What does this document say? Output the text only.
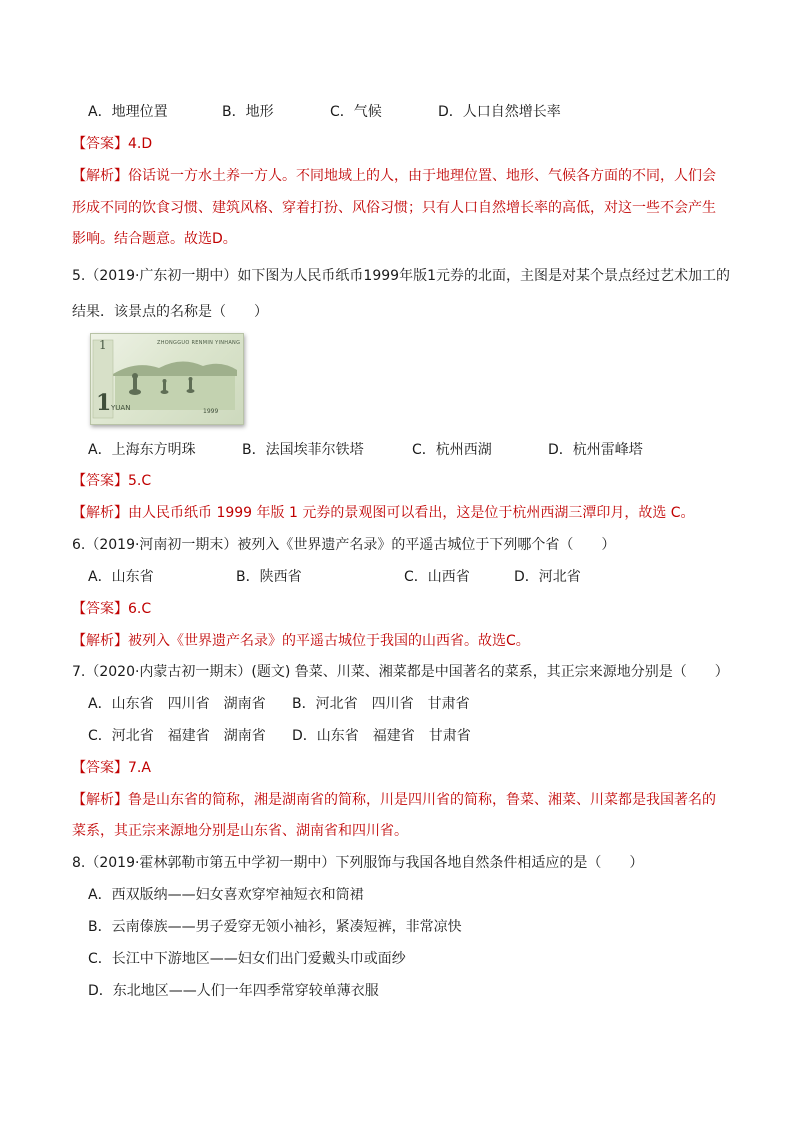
A．地理位置	B．地形	C．气候	D．人口自然增长率
【答案】4.D
【解析】俗话说一方水土养一方人。不同地域上的人，由于地理位置、地形、气候各方面的不同，人们会
形成不同的饮食习惯、建筑风格、穿着打扮、风俗习惯；只有人口自然增长率的高低，对这一些不会产生
影响。结合题意。故选D。
5.（2019·广东初一期中）如下图为人民币纸币1999年版1元券的北面，主图是对某个景点经过艺术加工的
结果．该景点的名称是（　　）
ZHONGGUO RENMIN YINHANG
1
1 YUAN	1999
A．上海东方明珠	B．法国埃菲尔铁塔	C．杭州西湖	D．杭州雷峰塔
【答案】5.C
【解析】由人民币纸币 1999 年版 1 元券的景观图可以看出，这是位于杭州西湖三潭印月，故选 C。
6.（2019·河南初一期末）被列入《世界遗产名录》的平遥古城位于下列哪个省（　　）
A．山东省	B．陕西省	C．山西省	D．河北省
【答案】6.C
【解析】被列入《世界遗产名录》的平遥古城位于我国的山西省。故选C。
7.（2020·内蒙古初一期末）(题文) 鲁菜、川菜、湘菜都是中国著名的菜系，其正宗来源地分别是（　　）
A．山东省　四川省　湖南省 B．河北省　四川省　甘肃省
C．河北省　福建省　湖南省 D．山东省　福建省　甘肃省
【答案】7.A
【解析】鲁是山东省的简称，湘是湖南省的简称，川是四川省的简称，鲁菜、湘菜、川菜都是我国著名的
菜系，其正宗来源地分别是山东省、湖南省和四川省。
8.（2019·霍林郭勒市第五中学初一期中）下列服饰与我国各地自然条件相适应的是（　　）
A．西双版纳——妇女喜欢穿窄袖短衣和筒裙
B．云南傣族——男子爱穿无领小袖衫，紧凑短裤，非常凉快
C．长江中下游地区——妇女们出门爱戴头巾或面纱
D．东北地区——人们一年四季常穿较单薄衣服
